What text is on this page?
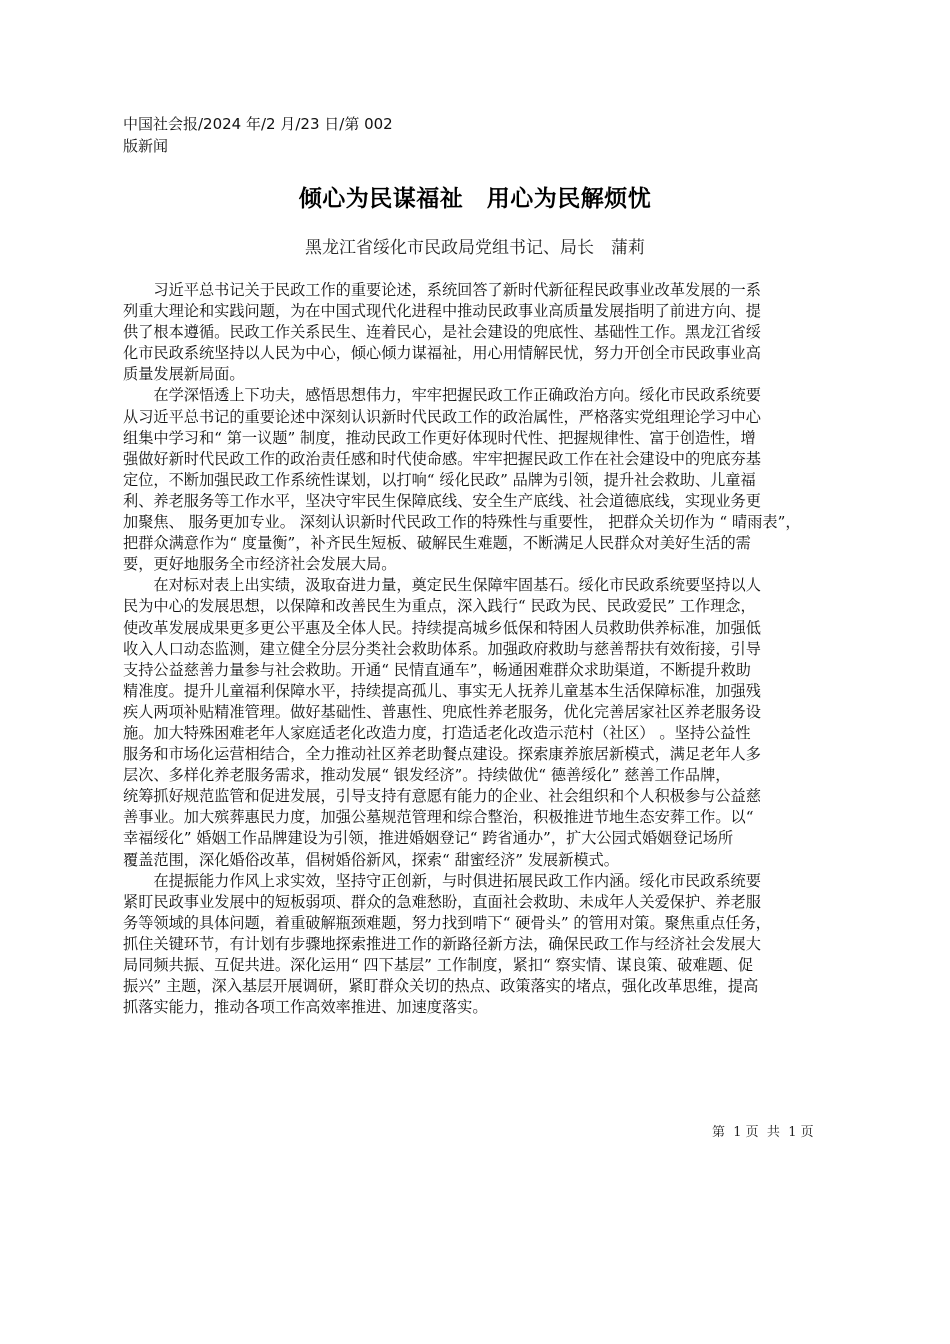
中国社会报/2024 年/2 月/23 日/第 002
版新闻
倾心为民谋福祉　用心为民解烦忧
黑龙江省绥化市民政局党组书记、局长　蒲莉
　　习近平总书记关于民政工作的重要论述，系统回答了新时代新征程民政事业改革发展的一系
列重大理论和实践问题，为在中国式现代化进程中推动民政事业高质量发展指明了前进方向、提
供了根本遵循。民政工作关系民生、连着民心，是社会建设的兜底性、基础性工作。黑龙江省绥
化市民政系统坚持以人民为中心，倾心倾力谋福祉，用心用情解民忧，努力开创全市民政事业高
质量发展新局面。
　　在学深悟透上下功夫，感悟思想伟力，牢牢把握民政工作正确政治方向。绥化市民政系统要
从习近平总书记的重要论述中深刻认识新时代民政工作的政治属性，严格落实党组理论学习中心
组集中学习和“ 第一议题” 制度，推动民政工作更好体现时代性、把握规律性、富于创造性，增
强做好新时代民政工作的政治责任感和时代使命感。牢牢把握民政工作在社会建设中的兜底夯基
定位，不断加强民政工作系统性谋划，以打响“ 绥化民政” 品牌为引领，提升社会救助、儿童福
利、养老服务等工作水平，坚决守牢民生保障底线、安全生产底线、社会道德底线，实现业务更
加聚焦、 服务更加专业。 深刻认识新时代民政工作的特殊性与重要性， 把群众关切作为 “ 晴雨表”，
把群众满意作为“ 度量衡”，补齐民生短板、破解民生难题，不断满足人民群众对美好生活的需
要，更好地服务全市经济社会发展大局。
　　在对标对表上出实绩，汲取奋进力量，奠定民生保障牢固基石。绥化市民政系统要坚持以人
民为中心的发展思想，以保障和改善民生为重点，深入践行“ 民政为民、民政爱民” 工作理念，
使改革发展成果更多更公平惠及全体人民。持续提高城乡低保和特困人员救助供养标准，加强低
收入人口动态监测，建立健全分层分类社会救助体系。加强政府救助与慈善帮扶有效衔接，引导
支持公益慈善力量参与社会救助。开通“ 民情直通车”，畅通困难群众求助渠道，不断提升救助
精准度。提升儿童福利保障水平，持续提高孤儿、事实无人抚养儿童基本生活保障标准，加强残
疾人两项补贴精准管理。做好基础性、普惠性、兜底性养老服务，优化完善居家社区养老服务设
施。加大特殊困难老年人家庭适老化改造力度，打造适老化改造示范村（社区） 。坚持公益性
服务和市场化运营相结合，全力推动社区养老助餐点建设。探索康养旅居新模式，满足老年人多
层次、多样化养老服务需求，推动发展“ 银发经济”。持续做优“ 德善绥化” 慈善工作品牌，
统筹抓好规范监管和促进发展，引导支持有意愿有能力的企业、社会组织和个人积极参与公益慈
善事业。加大殡葬惠民力度，加强公墓规范管理和综合整治，积极推进节地生态安葬工作。以“
幸福绥化” 婚姻工作品牌建设为引领，推进婚姻登记“ 跨省通办”，扩大公园式婚姻登记场所
覆盖范围，深化婚俗改革，倡树婚俗新风，探索“ 甜蜜经济” 发展新模式。
　　在提振能力作风上求实效，坚持守正创新，与时俱进拓展民政工作内涵。绥化市民政系统要
紧盯民政事业发展中的短板弱项、群众的急难愁盼，直面社会救助、未成年人关爱保护、养老服
务等领域的具体问题，着重破解瓶颈难题，努力找到啃下“ 硬骨头” 的管用对策。聚焦重点任务，
抓住关键环节，有计划有步骤地探索推进工作的新路径新方法，确保民政工作与经济社会发展大
局同频共振、互促共进。深化运用“ 四下基层” 工作制度，紧扣“ 察实情、谋良策、破难题、促
振兴” 主题，深入基层开展调研，紧盯群众关切的热点、政策落实的堵点，强化改革思维，提高
抓落实能力，推动各项工作高效率推进、加速度落实。
第  1 页  共  1 页
